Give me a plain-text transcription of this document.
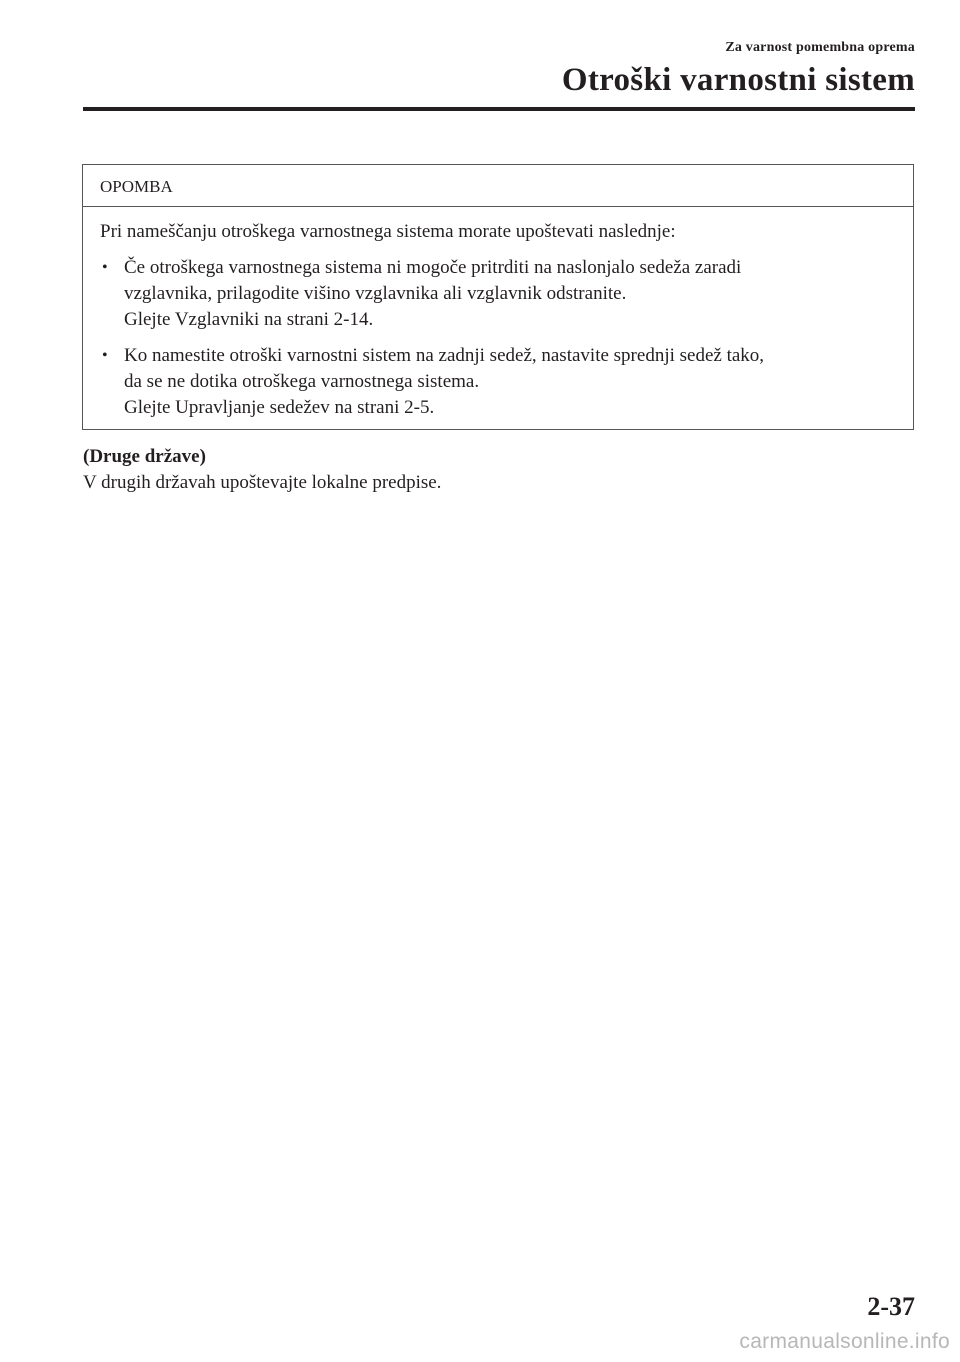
Za varnost pomembna oprema
Otroški varnostni sistem
OPOMBA

Pri nameščanju otroškega varnostnega sistema morate upoštevati naslednje:

• Če otroškega varnostnega sistema ni mogoče pritrditi na naslonjalo sedeža zaradi
vzglavnika, prilagodite višino vzglavnika ali vzglavnik odstranite.
Glejte Vzglavniki na strani 2-14.
• Ko namestite otroški varnostni sistem na zadnji sedež, nastavite sprednji sedež tako,
da se ne dotika otroškega varnostnega sistema.
Glejte Upravljanje sedežev na strani 2-5.
(Druge države)
V drugih državah upoštevajte lokalne predpise.
2-37
carmanualsonline.info
